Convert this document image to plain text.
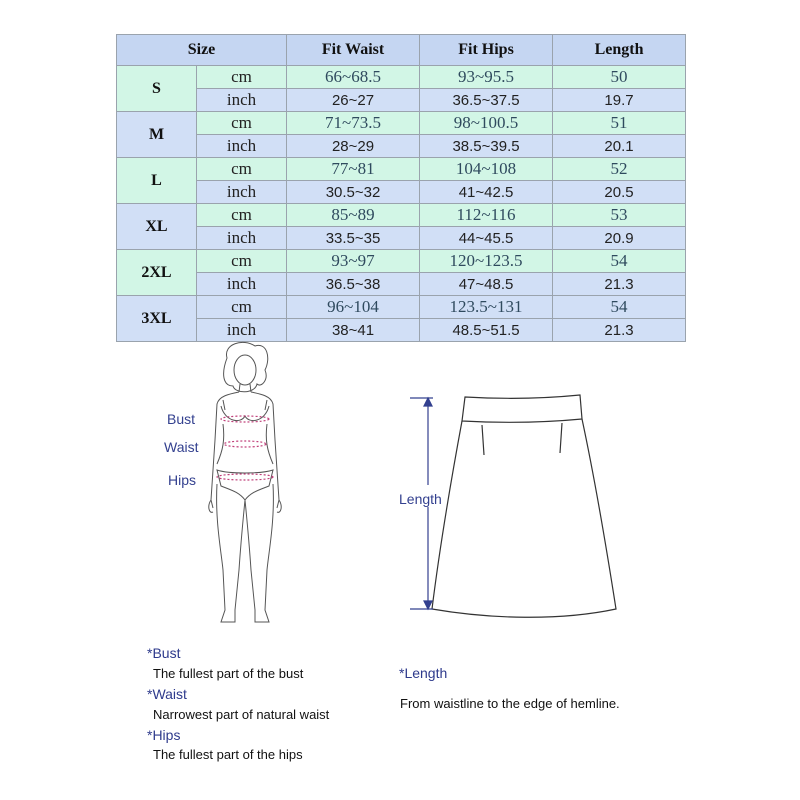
Size		Fit Waist	Fit Hips	Length
S	cm	66~68.5	93~95.5	50
	inch	26~27	36.5~37.5	19.7
M	cm	71~73.5	98~100.5	51
	inch	28~29	38.5~39.5	20.1
L	cm	77~81	104~108	52
	inch	30.5~32	41~42.5	20.5
XL	cm	85~89	112~116	53
	inch	33.5~35	44~45.5	20.9
2XL	cm	93~97	120~123.5	54
	inch	36.5~38	47~48.5	21.3
3XL	cm	96~104	123.5~131	54
	inch	38~41	48.5~51.5	21.3
Bust
Waist
Hips
Length
*Bust
The fullest part of the bust
*Waist
Narrowest part of natural waist
*Hips
The fullest part of the hips
*Length
From waistline to the edge of hemline.
